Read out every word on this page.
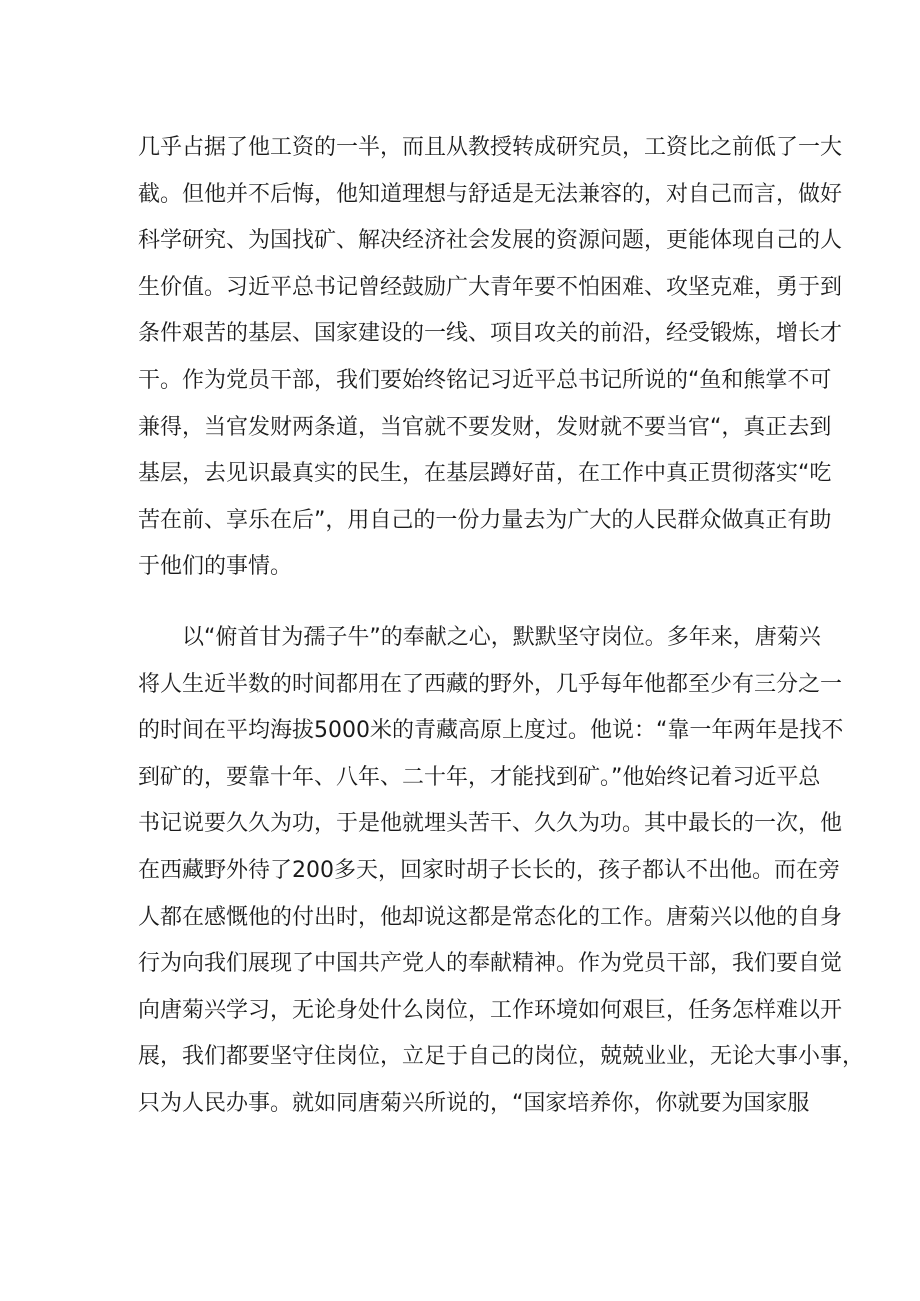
几乎占据了他工资的一半，而且从教授转成研究员，工资比之前低了一大
截。但他并不后悔，他知道理想与舒适是无法兼容的，对自己而言，做好
科学研究、为国找矿、解决经济社会发展的资源问题，更能体现自己的人
生价值。习近平总书记曾经鼓励广大青年要不怕困难、攻坚克难，勇于到
条件艰苦的基层、国家建设的一线、项目攻关的前沿，经受锻炼，增长才
干。作为党员干部，我们要始终铭记习近平总书记所说的“鱼和熊掌不可
兼得，当官发财两条道，当官就不要发财，发财就不要当官“，真正去到
基层，去见识最真实的民生，在基层蹲好苗，在工作中真正贯彻落实“吃
苦在前、享乐在后”，用自己的一份力量去为广大的人民群众做真正有助
于他们的事情。
以“俯首甘为孺子牛”的奉献之心，默默坚守岗位。多年来，唐菊兴
将人生近半数的时间都用在了西藏的野外，几乎每年他都至少有三分之一
的时间在平均海拔5000米的青藏高原上度过。他说：“靠一年两年是找不
到矿的，要靠十年、八年、二十年，才能找到矿。”他始终记着习近平总
书记说要久久为功，于是他就埋头苦干、久久为功。其中最长的一次，他
在西藏野外待了200多天，回家时胡子长长的，孩子都认不出他。而在旁
人都在感慨他的付出时，他却说这都是常态化的工作。唐菊兴以他的自身
行为向我们展现了中国共产党人的奉献精神。作为党员干部，我们要自觉
向唐菊兴学习，无论身处什么岗位，工作环境如何艰巨，任务怎样难以开
展，我们都要坚守住岗位，立足于自己的岗位，兢兢业业，无论大事小事，
只为人民办事。就如同唐菊兴所说的，“国家培养你，你就要为国家服
